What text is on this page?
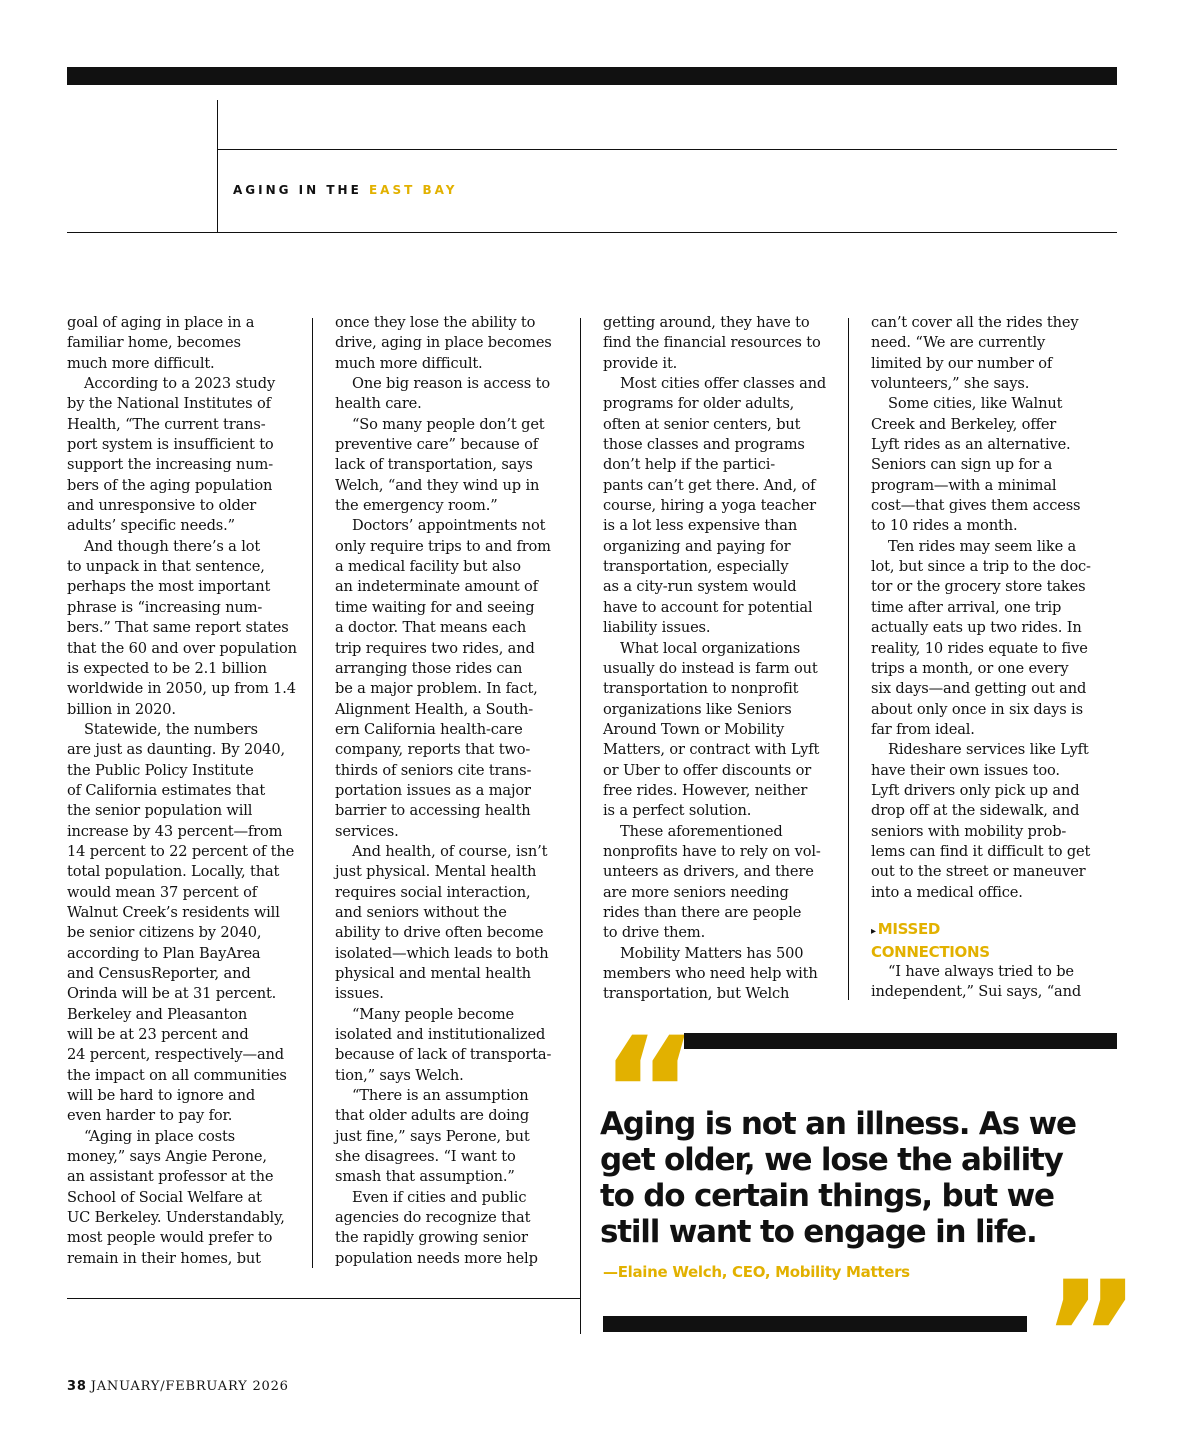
AGING IN THE EAST BAY
goal of aging in place in a
familiar home, becomes
much more difficult.
According to a 2023 study
by the National Institutes of
Health, “The current trans-
port system is insufficient to
support the increasing num-
bers of the aging population
and unresponsive to older
adults’ specific needs.”
And though there’s a lot
to unpack in that sentence,
perhaps the most important
phrase is “increasing num-
bers.” That same report states
that the 60 and over population
is expected to be 2.1 billion
worldwide in 2050, up from 1.4
billion in 2020.
Statewide, the numbers
are just as daunting. By 2040,
the Public Policy Institute
of California estimates that
the senior population will
increase by 43 percent—from
14 percent to 22 percent of the
total population. Locally, that
would mean 37 percent of
Walnut Creek’s residents will
be senior citizens by 2040,
according to Plan BayArea
and CensusReporter, and
Orinda will be at 31 percent.
Berkeley and Pleasanton
will be at 23 percent and
24 percent, respectively—and
the impact on all communities
will be hard to ignore and
even harder to pay for.
“Aging in place costs
money,” says Angie Perone,
an assistant professor at the
School of Social Welfare at
UC Berkeley. Understandably,
most people would prefer to
remain in their homes, but
once they lose the ability to
drive, aging in place becomes
much more difficult.
One big reason is access to
health care.
“So many people don’t get
preventive care” because of
lack of transportation, says
Welch, “and they wind up in
the emergency room.”
Doctors’ appointments not
only require trips to and from
a medical facility but also
an indeterminate amount of
time waiting for and seeing
a doctor. That means each
trip requires two rides, and
arranging those rides can
be a major problem. In fact,
Alignment Health, a South-
ern California health-care
company, reports that two-
thirds of seniors cite trans-
portation issues as a major
barrier to accessing health
services.
And health, of course, isn’t
just physical. Mental health
requires social interaction,
and seniors without the
ability to drive often become
isolated—which leads to both
physical and mental health
issues.
“Many people become
isolated and institutionalized
because of lack of transporta-
tion,” says Welch.
“There is an assumption
that older adults are doing
just fine,” says Perone, but
she disagrees. “I want to
smash that assumption.”
Even if cities and public
agencies do recognize that
the rapidly growing senior
population needs more help
getting around, they have to
find the financial resources to
provide it.
Most cities offer classes and
programs for older adults,
often at senior centers, but
those classes and programs
don’t help if the partici-
pants can’t get there. And, of
course, hiring a yoga teacher
is a lot less expensive than
organizing and paying for
transportation, especially
as a city-run system would
have to account for potential
liability issues.
What local organizations
usually do instead is farm out
transportation to nonprofit
organizations like Seniors
Around Town or Mobility
Matters, or contract with Lyft
or Uber to offer discounts or
free rides. However, neither
is a perfect solution.
These aforementioned
nonprofits have to rely on vol-
unteers as drivers, and there
are more seniors needing
rides than there are people
to drive them.
Mobility Matters has 500
members who need help with
transportation, but Welch
can’t cover all the rides they
need. “We are currently
limited by our number of
volunteers,” she says.
Some cities, like Walnut
Creek and Berkeley, offer
Lyft rides as an alternative.
Seniors can sign up for a
program—with a minimal
cost—that gives them access
to 10 rides a month.
Ten rides may seem like a
lot, but since a trip to the doc-
tor or the grocery store takes
time after arrival, one trip
actually eats up two rides. In
reality, 10 rides equate to five
trips a month, or one every
six days—and getting out and
about only once in six days is
far from ideal.
Rideshare services like Lyft
have their own issues too.
Lyft drivers only pick up and
drop off at the sidewalk, and
seniors with mobility prob-
lems can find it difficult to get
out to the street or maneuver
into a medical office.
▸ MISSED
CONNECTIONS
“I have always tried to be
independent,” Sui says, “and
“
Aging is not an illness. As we
get older, we lose the ability
to do certain things, but we
still want to engage in life.
—Elaine Welch, CEO, Mobility Matters ”
38 JANUARY/FEBRUARY 2026
